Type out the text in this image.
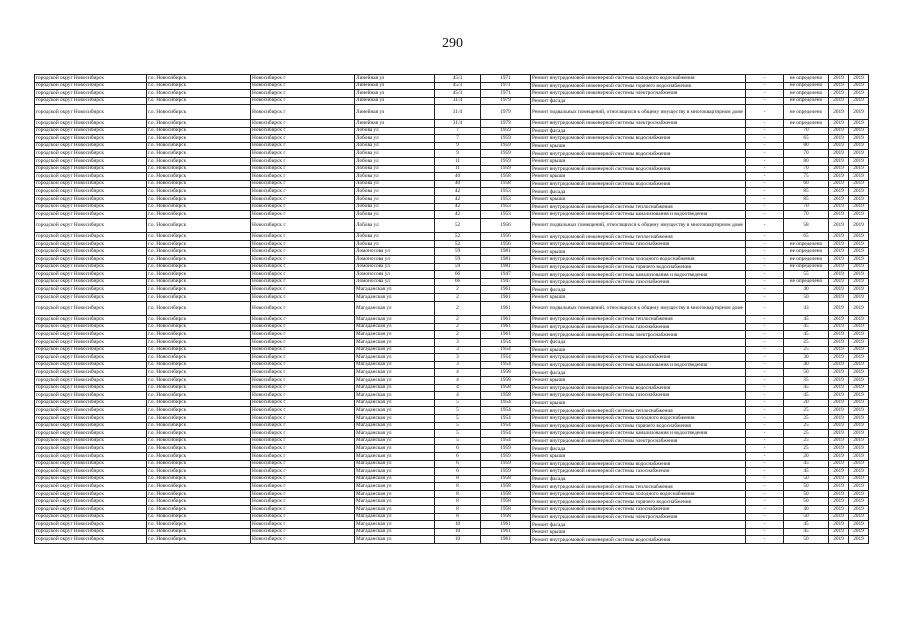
290
городской округ Новосибирск	г.о. Новосибирск	Новосибирск г	Линейная ул	45/3	1971	Ремонт внутридомовой инженерной системы холодного водоснабжения	-	не определено	2019	2019
городской округ Новосибирск	г.о. Новосибирск	Новосибирск г	Линейная ул	45/3	1971	Ремонт внутридомовой инженерной системы горячего водоснабжения	-	не определено	2019	2019
городской округ Новосибирск	г.о. Новосибирск	Новосибирск г	Линейная ул	45/3	1971	Ремонт внутридомовой инженерной системы электроснабжения	-	не определено	2019	2019
городской округ Новосибирск	г.о. Новосибирск	Новосибирск г	Линейная ул	31/4	1979	Ремонт фасада	-	не определено	2019	2019
городской округ Новосибирск	г.о. Новосибирск	Новосибирск г	Линейная ул	31/4	1979	Ремонт подвальных помещений, относящихся к общему имуществу в многоквартирном доме	-	не определено	2019	2019
городской округ Новосибирск	г.о. Новосибирск	Новосибирск г	Линейная ул	31/4	1979	Ремонт внутридомовой инженерной системы электроснабжения	-	не определено	2019	2019
городской округ Новосибирск	г.о. Новосибирск	Новосибирск г	Лобова ул	7	1959	Ремонт фасада	-	70	2019	2019
городской округ Новосибирск	г.о. Новосибирск	Новосибирск г	Лобова ул	7	1959	Ремонт внутридомовой инженерной системы водоснабжения	-	65	2019	2019
городской округ Новосибирск	г.о. Новосибирск	Новосибирск г	Лобова ул	9	1959	Ремонт крыши	-	80	2019	2019
городской округ Новосибирск	г.о. Новосибирск	Новосибирск г	Лобова ул	9	1959	Ремонт внутридомовой инженерной системы водоснабжения	-	70	2019	2019
городской округ Новосибирск	г.о. Новосибирск	Новосибирск г	Лобова ул	11	1959	Ремонт крыши	-	80	2019	2019
городской округ Новосибирск	г.о. Новосибирск	Новосибирск г	Лобова ул	11	1959	Ремонт внутридомовой инженерной системы водоснабжения	-	70	2019	2019
городской округ Новосибирск	г.о. Новосибирск	Новосибирск г	Лобова ул	40	1958	Ремонт крыши	-	75	2019	2019
городской округ Новосибирск	г.о. Новосибирск	Новосибирск г	Лобова ул	40	1958	Ремонт внутридомовой инженерной системы водоснабжения	-	60	2019	2019
городской округ Новосибирск	г.о. Новосибирск	Новосибирск г	Лобова ул	42	1953	Ремонт фасада	-	85	2019	2019
городской округ Новосибирск	г.о. Новосибирск	Новосибирск г	Лобова ул	42	1953	Ремонт крыши	-	85	2019	2019
городской округ Новосибирск	г.о. Новосибирск	Новосибирск г	Лобова ул	42	1953	Ремонт внутридомовой инженерной системы теплоснабжения	-	70	2019	2019
городской округ Новосибирск	г.о. Новосибирск	Новосибирск г	Лобова ул	42	1953	Ремонт внутридомовой инженерной системы канализования и водоотведения	-	70	2019	2019
городской округ Новосибирск	г.о. Новосибирск	Новосибирск г	Лобова ул	52	1956	Ремонт подвальных помещений, относящихся к общему имуществу в многоквартирном доме	-	58	2019	2019
городской округ Новосибирск	г.о. Новосибирск	Новосибирск г	Лобова ул	52	1956	Ремонт внутридомовой инженерной системы теплоснабжения	-	65	2019	2019
городской округ Новосибирск	г.о. Новосибирск	Новосибирск г	Лобова ул	52	1956	Ремонт внутридомовой инженерной системы газоснабжения	-	не определено	2019	2019
городской округ Новосибирск	г.о. Новосибирск	Новосибирск г	Ломоносова ул	59	1981	Ремонт крыши	-	не определено	2019	2019
городской округ Новосибирск	г.о. Новосибирск	Новосибирск г	Ломоносова ул	59	1981	Ремонт внутридомовой инженерной системы холодного водоснабжения	-	не определено	2019	2019
городской округ Новосибирск	г.о. Новосибирск	Новосибирск г	Ломоносова ул	59	1981	Ремонт внутридомовой инженерной системы горячего водоснабжения	-	не определено	2019	2019
городской округ Новосибирск	г.о. Новосибирск	Новосибирск г	Ломоносова ул	66	1947	Ремонт внутридомовой инженерной системы канализования и водоотведения	-	55	2019	2019
городской округ Новосибирск	г.о. Новосибирск	Новосибирск г	Ломоносова ул	66	1947	Ремонт внутридомовой инженерной системы газоснабжения	-	не определено	2019	2019
городской округ Новосибирск	г.о. Новосибирск	Новосибирск г	Магаданская ул	2	1961	Ремонт фасада	-	40	2019	2019
городской округ Новосибирск	г.о. Новосибирск	Новосибирск г	Магаданская ул	2	1961	Ремонт крыши	-	50	2019	2019
городской округ Новосибирск	г.о. Новосибирск	Новосибирск г	Магаданская ул	2	1961	Ремонт подвальных помещений, относящихся к общему имуществу в многоквартирном доме	-	43	2019	2019
городской округ Новосибирск	г.о. Новосибирск	Новосибирск г	Магаданская ул	2	1961	Ремонт внутридомовой инженерной системы теплоснабжения	-	45	2019	2019
городской округ Новосибирск	г.о. Новосибирск	Новосибирск г	Магаданская ул	2	1961	Ремонт внутридомовой инженерной системы газоснабжения	-	45	2019	2019
городской округ Новосибирск	г.о. Новосибирск	Новосибирск г	Магаданская ул	2	1961	Ремонт внутридомовой инженерной системы электроснабжения	-	45	2019	2019
городской округ Новосибирск	г.о. Новосибирск	Новосибирск г	Магаданская ул	3	1954	Ремонт фасада	-	25	2019	2019
городской округ Новосибирск	г.о. Новосибирск	Новосибирск г	Магаданская ул	3	1954	Ремонт крыши	-	25	2019	2019
городской округ Новосибирск	г.о. Новосибирск	Новосибирск г	Магаданская ул	3	1954	Ремонт внутридомовой инженерной системы водоснабжения	-	30	2019	2019
городской округ Новосибирск	г.о. Новосибирск	Новосибирск г	Магаданская ул	3	1954	Ремонт внутридомовой инженерной системы канализования и водоотведения	-	40	2019	2019
городской округ Новосибирск	г.о. Новосибирск	Новосибирск г	Магаданская ул	4	1958	Ремонт фасада	-	50	2019	2019
городской округ Новосибирск	г.о. Новосибирск	Новосибирск г	Магаданская ул	4	1958	Ремонт крыши	-	35	2019	2019
городской округ Новосибирск	г.о. Новосибирск	Новосибирск г	Магаданская ул	4	1958	Ремонт внутридомовой инженерной системы водоснабжения	-	45	2019	2019
городской округ Новосибирск	г.о. Новосибирск	Новосибирск г	Магаданская ул	4	1958	Ремонт внутридомовой инженерной системы газоснабжения	-	45	2019	2019
городской округ Новосибирск	г.о. Новосибирск	Новосибирск г	Магаданская ул	5	1954	Ремонт крыши	-	20	2019	2019
городской округ Новосибирск	г.о. Новосибирск	Новосибирск г	Магаданская ул	5	1954	Ремонт внутридомовой инженерной системы теплоснабжения	-	25	2019	2019
городской округ Новосибирск	г.о. Новосибирск	Новосибирск г	Магаданская ул	5	1954	Ремонт внутридомовой инженерной системы холодного водоснабжения	-	25	2019	2019
городской округ Новосибирск	г.о. Новосибирск	Новосибирск г	Магаданская ул	5	1954	Ремонт внутридомовой инженерной системы горячего водоснабжения	-	25	2019	2019
городской округ Новосибирск	г.о. Новосибирск	Новосибирск г	Магаданская ул	5	1954	Ремонт внутридомовой инженерной системы канализования и водоотведения	-	25	2019	2019
городской округ Новосибирск	г.о. Новосибирск	Новосибирск г	Магаданская ул	5	1954	Ремонт внутридомовой инженерной системы электроснабжения	-	25	2019	2019
городской округ Новосибирск	г.о. Новосибирск	Новосибирск г	Магаданская ул	6	1959	Ремонт фасада	-	25	2019	2019
городской округ Новосибирск	г.о. Новосибирск	Новосибирск г	Магаданская ул	6	1959	Ремонт крыши	-	20	2019	2019
городской округ Новосибирск	г.о. Новосибирск	Новосибирск г	Магаданская ул	6	1959	Ремонт внутридомовой инженерной системы водоснабжения	-	45	2019	2019
городской округ Новосибирск	г.о. Новосибирск	Новосибирск г	Магаданская ул	6	1959	Ремонт внутридомовой инженерной системы газоснабжения	-	45	2019	2019
городской округ Новосибирск	г.о. Новосибирск	Новосибирск г	Магаданская ул	8	1958	Ремонт фасада	-	50	2019	2019
городской округ Новосибирск	г.о. Новосибирск	Новосибирск г	Магаданская ул	8	1958	Ремонт внутридомовой инженерной системы теплоснабжения	-	50	2019	2019
городской округ Новосибирск	г.о. Новосибирск	Новосибирск г	Магаданская ул	8	1958	Ремонт внутридомовой инженерной системы холодного водоснабжения	-	50	2019	2019
городской округ Новосибирск	г.о. Новосибирск	Новосибирск г	Магаданская ул	8	1958	Ремонт внутридомовой инженерной системы горячего водоснабжения	-	50	2019	2019
городской округ Новосибирск	г.о. Новосибирск	Новосибирск г	Магаданская ул	8	1958	Ремонт внутридомовой инженерной системы газоснабжения	-	40	2019	2019
городской округ Новосибирск	г.о. Новосибирск	Новосибирск г	Магаданская ул	8	1958	Ремонт внутридомовой инженерной системы электроснабжения	-	50	2019	2019
городской округ Новосибирск	г.о. Новосибирск	Новосибирск г	Магаданская ул	10	1961	Ремонт фасада	-	45	2019	2019
городской округ Новосибирск	г.о. Новосибирск	Новосибирск г	Магаданская ул	10	1961	Ремонт крыши	-	45	2019	2019
городской округ Новосибирск	г.о. Новосибирск	Новосибирск г	Магаданская ул	10	1961	Ремонт внутридомовой инженерной системы водоснабжения	-	50	2019	2019
